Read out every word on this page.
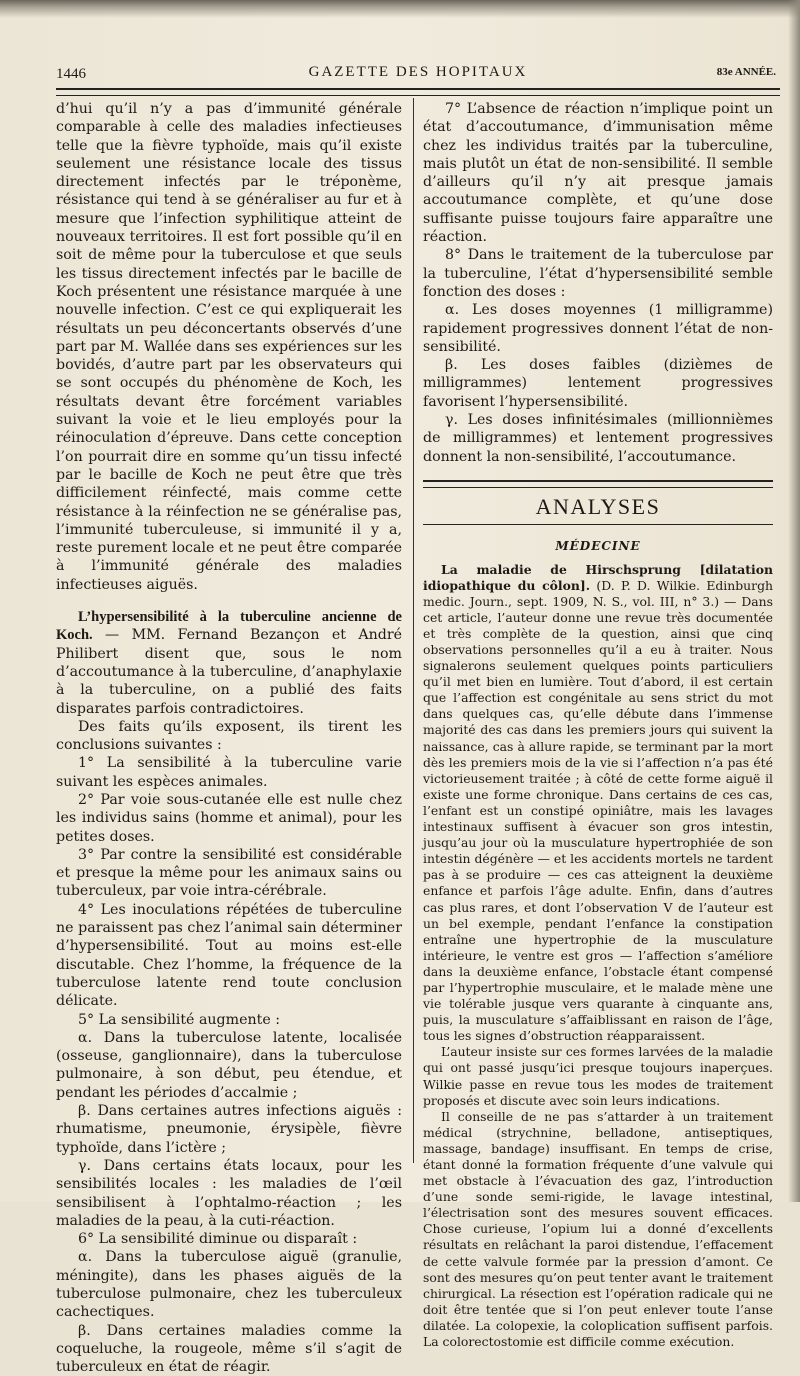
1446	GAZETTE DES HOPITAUX	83e ANNÉE.

d’hui qu’il n’y a pas d’immunité générale comparable à celle des maladies infectieuses telle que la fièvre typhoïde, mais qu’il existe seulement une résistance locale des tissus directement infectés par le tréponème, résistance qui tend à se généraliser au fur et à mesure que l’infection syphilitique atteint de nouveaux territoires. Il est fort possible qu’il en soit de même pour la tuberculose et que seuls les tissus directement infectés par le bacille de Koch présentent une résistance marquée à une nouvelle infection. C’est ce qui expliquerait les résultats un peu déconcertants observés d’une part par M. Wallée dans ses expériences sur les bovidés, d’autre part par les observateurs qui se sont occupés du phénomène de Koch, les résultats devant être forcément variables suivant la voie et le lieu employés pour la réinoculation d’épreuve. Dans cette conception l’on pourrait dire en somme qu’un tissu infecté par le bacille de Koch ne peut être que très difficilement réinfecté, mais comme cette résistance à la réinfection ne se généralise pas, l’immunité tuberculeuse, si immunité il y a, reste purement locale et ne peut être comparée à l’immunité générale des maladies infectieuses aiguës.

L’hypersensibilité à la tuberculine ancienne de Koch. — MM. Fernand Bezançon et André Philibert disent que, sous le nom d’accoutumance à la tuberculine, d’anaphylaxie à la tuberculine, on a publié des faits disparates parfois contradictoires.

Des faits qu’ils exposent, ils tirent les conclusions suivantes :

1° La sensibilité à la tuberculine varie suivant les espèces animales.

2° Par voie sous-cutanée elle est nulle chez les individus sains (homme et animal), pour les petites doses.

3° Par contre la sensibilité est considérable et presque la même pour les animaux sains ou tuberculeux, par voie intra-cérébrale.

4° Les inoculations répétées de tuberculine ne paraissent pas chez l’animal sain déterminer d’hypersensibilité. Tout au moins est-elle discutable. Chez l’homme, la fréquence de la tuberculose latente rend toute conclusion délicate.

5° La sensibilité augmente :

α. Dans la tuberculose latente, localisée (osseuse, ganglionnaire), dans la tuberculose pulmonaire, à son début, peu étendue, et pendant les périodes d’accalmie ;

β. Dans certaines autres infections aiguës : rhumatisme, pneumonie, érysipèle, fièvre typhoïde, dans l’ictère ;

γ. Dans certains états locaux, pour les sensibilités locales : les maladies de l’œil sensibilisent à l’ophtalmo-réaction ; les maladies de la peau, à la cuti-réaction.

6° La sensibilité diminue ou disparaît :

α. Dans la tuberculose aiguë (granulie, méningite), dans les phases aiguës de la tuberculose pulmonaire, chez les tuberculeux cachectiques.

β. Dans certaines maladies comme la coqueluche, la rougeole, même s’il s’agit de tuberculeux en état de réagir.

7° L’absence de réaction n’implique point un état d’accoutumance, d’immunisation même chez les individus traités par la tuberculine, mais plutôt un état de non-sensibilité. Il semble d’ailleurs qu’il n’y ait presque jamais accoutumance complète, et qu’une dose suffisante puisse toujours faire apparaître une réaction.

8° Dans le traitement de la tuberculose par la tuberculine, l’état d’hypersensibilité semble fonction des doses :

α. Les doses moyennes (1 milligramme) rapidement progressives donnent l’état de non-sensibilité.

β. Les doses faibles (dizièmes de milligrammes) lentement progressives favorisent l’hypersensibilité.

γ. Les doses infinitésimales (millionnièmes de milligrammes) et lentement progressives donnent la non-sensibilité, l’accoutumance.

ANALYSES
MÉDECINE

La maladie de Hirschsprung [dilatation idiopathique du côlon]. (D. P. D. Wilkie. Edinburgh medic. Journ., sept. 1909, N. S., vol. III, n° 3.) — Dans cet article, l’auteur donne une revue très documentée et très complète de la question, ainsi que cinq observations personnelles qu’il a eu à traiter. Nous signalerons seulement quelques points particuliers qu’il met bien en lumière. Tout d’abord, il est certain que l’affection est congénitale au sens strict du mot dans quelques cas, qu’elle débute dans l’immense majorité des cas dans les premiers jours qui suivent la naissance, cas à allure rapide, se terminant par la mort dès les premiers mois de la vie si l’affection n’a pas été victorieusement traitée ; à côté de cette forme aiguë il existe une forme chronique. Dans certains de ces cas, l’enfant est un constipé opiniâtre, mais les lavages intestinaux suffisent à évacuer son gros intestin, jusqu’au jour où la musculature hypertrophiée de son intestin dégénère — et les accidents mortels ne tardent pas à se produire — ces cas atteignent la deuxième enfance et parfois l’âge adulte. Enfin, dans d’autres cas plus rares, et dont l’observation V de l’auteur est un bel exemple, pendant l’enfance la constipation entraîne une hypertrophie de la musculature intérieure, le ventre est gros — l’affection s’améliore dans la deuxième enfance, l’obstacle étant compensé par l’hypertrophie musculaire, et le malade mène une vie tolérable jusque vers quarante à cinquante ans, puis, la musculature s’affaiblissant en raison de l’âge, tous les signes d’obstruction réapparaissent.

L’auteur insiste sur ces formes larvées de la maladie qui ont passé jusqu’ici presque toujours inaperçues. Wilkie passe en revue tous les modes de traitement proposés et discute avec soin leurs indications.

Il conseille de ne pas s’attarder à un traitement médical (strychnine, belladone, antiseptiques, massage, bandage) insuffisant. En temps de crise, étant donné la formation fréquente d’une valvule qui met obstacle à l’évacuation des gaz, l’introduction d’une sonde semi-rigide, le lavage intestinal, l’électrisation sont des mesures souvent efficaces. Chose curieuse, l’opium lui a donné d’excellents résultats en relâchant la paroi distendue, l’effacement de cette valvule formée par la pression d’amont. Ce sont des mesures qu’on peut tenter avant le traitement chirurgical. La résection est l’opération radicale qui ne doit être tentée que si l’on peut enlever toute l’anse dilatée. La colopexie, la coloplication suffisent parfois. La colorectostomie est difficile comme exécution.
